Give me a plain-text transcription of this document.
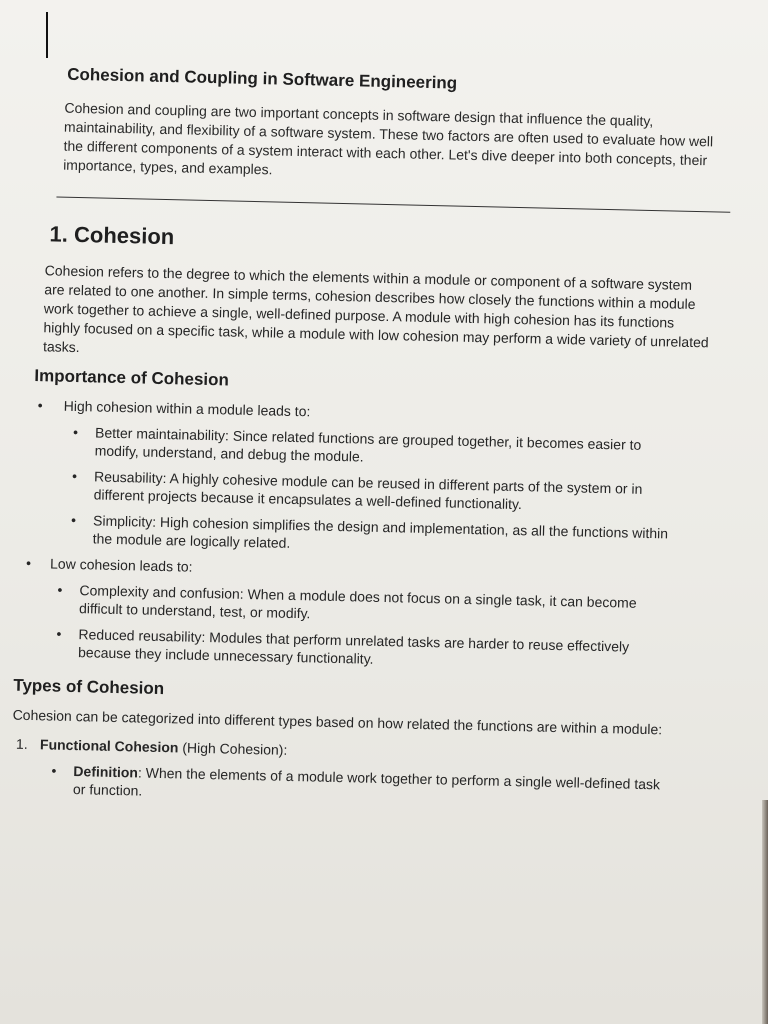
Cohesion and Coupling in Software Engineering

Cohesion and coupling are two important concepts in software design that influence the quality, maintainability, and flexibility of a software system. These two factors are often used to evaluate how well the different components of a system interact with each other. Let's dive deeper into both concepts, their importance, types, and examples.

1. Cohesion

Cohesion refers to the degree to which the elements within a module or component of a software system are related to one another. In simple terms, cohesion describes how closely the functions within a module work together to achieve a single, well-defined purpose. A module with high cohesion has its functions highly focused on a specific task, while a module with low cohesion may perform a wide variety of unrelated tasks.

Importance of Cohesion
• High cohesion within a module leads to:
• Better maintainability: Since related functions are grouped together, it becomes easier to modify, understand, and debug the module.
• Reusability: A highly cohesive module can be reused in different parts of the system or in different projects because it encapsulates a well-defined functionality.
• Simplicity: High cohesion simplifies the design and implementation, as all the functions within the module are logically related.
• Low cohesion leads to:
• Complexity and confusion: When a module does not focus on a single task, it can become difficult to understand, test, or modify.
• Reduced reusability: Modules that perform unrelated tasks are harder to reuse effectively because they include unnecessary functionality.
Types of Cohesion

Cohesion can be categorized into different types based on how related the functions are within a module:

1. Functional Cohesion (High Cohesion):
• Definition: When the elements of a module work together to perform a single well-defined task or function.
